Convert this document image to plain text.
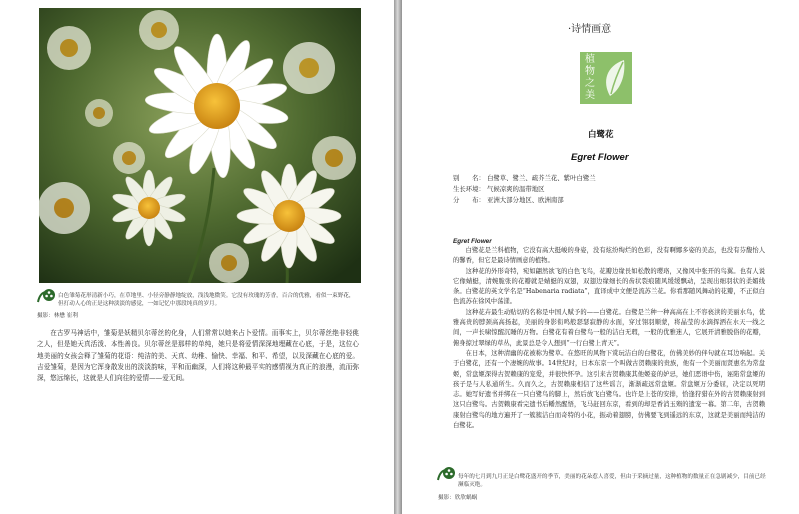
白色雏菊花形清新小巧，在草地里、小径旁静静地绽放，浅浅地微笑。它没有玫瑰的芳香，百合的优雅，看似一束野花，但打动人心的正是这种淡淡的感觉，一如记忆中那段纯真的岁月。
摄影：林懋 崔利

在古罗马神话中，雏菊是妖精贝尔蒂丝的化身，人们常常以她来占卜爱情。而事实上，贝尔蒂丝绝非轻佻之人，但是她天真活泼、本性善良。贝尔蒂丝是那样的单纯，她只是将爱情深深地埋藏在心底，于是，这位心地美丽的女孩会释了雏菊的花语：纯洁的美、天真、幼稚、愉快、幸福、和平、希望，以及深藏在心底的爱。吉爱雏菊，是因为它浑身散发出的淡淡韵味，平和而幽深，人们将这种最平实的感情视为真正的浪漫，流而弥深，悠远绵长，这就是人们向往的爱情——爱无间。

·诗情画意
植
物
之
美
白鹭花
Egret Flower
别　　名： 白鹭草、鹭兰、疏芥兰花、紫叶白鹭兰
生长环境： 气候凉爽的温带地区
分　　布： 亚洲大部分地区、欧洲南部
Egret Flower

白鹭花是兰科植物，它没有高大挺峻的身姿，没有炫纷绚烂的色彩，没有啊娜多姿的美态，也没有芬馥怡人的馨香，但它是最诗情画意的植物。

这种花的外形奇特，宛如翩然欲飞的白色飞鸟，花瓣边缘長如松散的璎珞，又像风中张开的鸟翼。也有人说它像蜻蜓，清婉脆张的花瓣就是蜻蜓的双翅，双翅边缘细长的齿状裂痕随风缓缓飘动，呈现出细羽状的柔媚线条。白鹭花的英文学名是“Habenaria radiata”，直译成中文便是流苏兰花。你看那随风舞动的花瓣，不正似白色流苏在徐风中荡漾。

这种花卉最生动贴切的名称是中国人赋予的——白鹭花。白鹭是兰种一种高高在上不容亵渎的美丽水鸟，优雅高贵的脖颈高高扬起，美丽的身影衔鸣般瑟瑟寂静的水面，穿过翎羽顺蒙，将晶莹的水滴挥洒在水天一线之间，一声长啸惊醒沉睡的万物。白鹭花有着白鹭鸟一般的洁白无瑕，一般的优雅迷人，它展开清雅脱俗的花瓣，俯身掠过翠绿的草丛，此景总是令人想到“一行白鹭上青天”。

在日本，这种清幽的花被称为鹭草。在悠旺的风物下赏玩洁白的白鹭花，仿佛美妙的伴句就在耳边响起。关于白鹭花，还有一个凄婉的故事。14世纪时，日本东京一个叫做古贺赖康的贵族，他有一个美丽而贤惠名为常盘姬，常盘姬深得古贺赖康的宠爱，并很快怀孕。这引来古贺赖康其他姬妾的妒忌，她们恶语中伤，诬陷常盘姬的孩子是与人私通所生。久而久之，古贺赖康相信了这些谣言，渐渐疏远常盘姬。常盘姬万分委屈，决定以死明志。她写好遗书并绑在一只白鹭鸟的脚上，然后放飞白鹭鸟。也许是上苍的安排，恰逢狩猎在外的古贺赖康射到这只白鹭鸟。古贺赖康看完遗书后幡然醒悟，飞马赶回东京，看到的却是香消玉殒的遗宠一幕。第二年，古贺赖康射白鹭鸟的地方遍开了一簇簇洁白而奇特的小花，振动着翅膀，仿佛要飞到遥远的东京，这就是美丽而纯洁的白鹭花。

每年的七月到九月正是白鹭花盛开的季节，美丽的花朵惹人喜爱，但由于采摘过量，这种植物的数量正在急剧减少，目前已经濒临灭绝。
摄影：欣欣蜗蜗
